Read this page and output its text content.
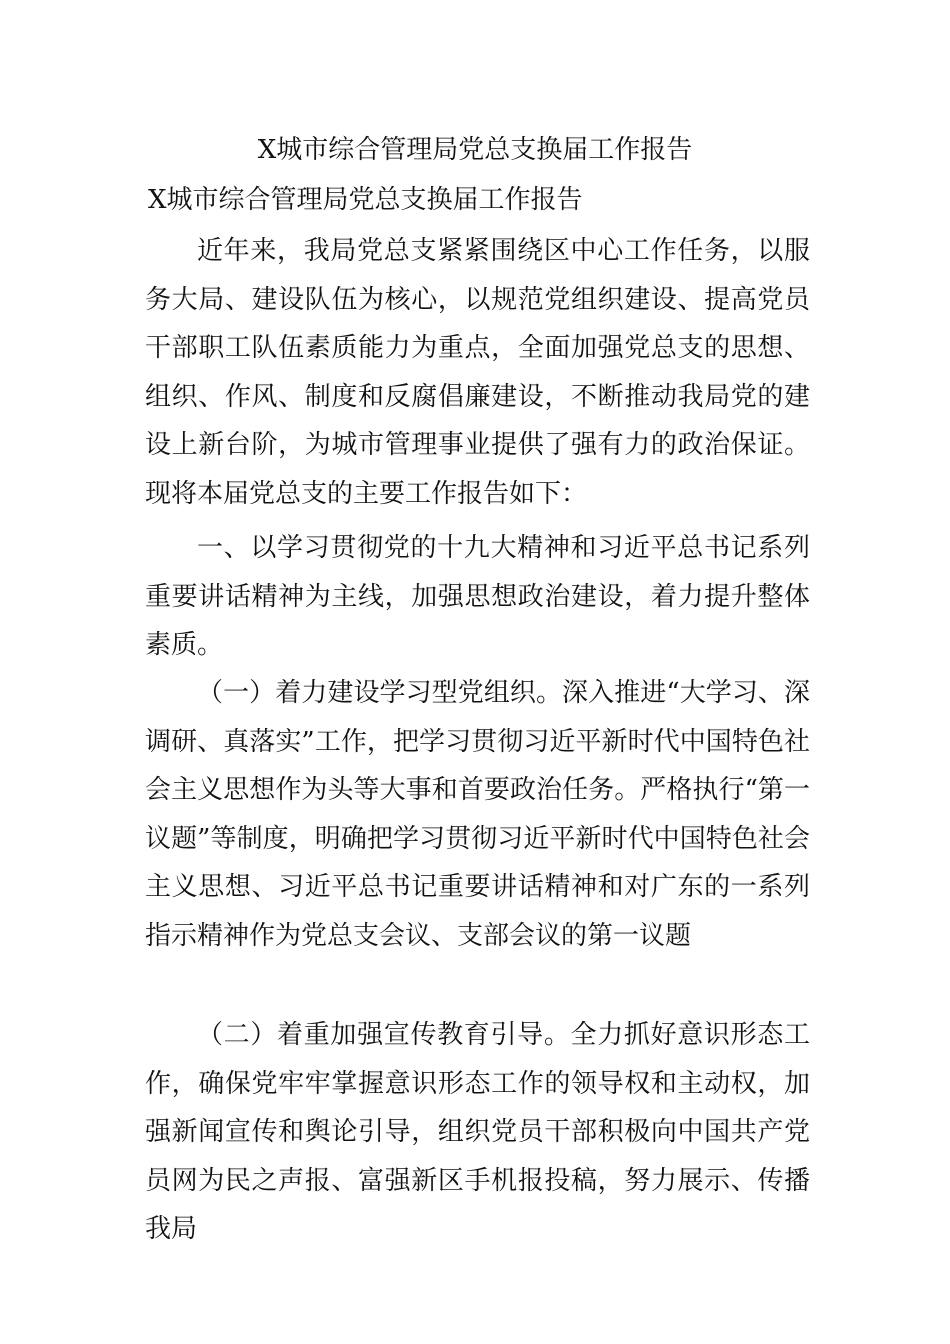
X城市综合管理局党总支换届工作报告
X城市综合管理局党总支换届工作报告

近年来，我局党总支紧紧围绕区中心工作任务，以服务大局、建设队伍为核心，以规范党组织建设、提高党员干部职工队伍素质能力为重点，全面加强党总支的思想、组织、作风、制度和反腐倡廉建设，不断推动我局党的建设上新台阶，为城市管理事业提供了强有力的政治保证。现将本届党总支的主要工作报告如下：

一、以学习贯彻党的十九大精神和习近平总书记系列重要讲话精神为主线，加强思想政治建设，着力提升整体素质。

（一）着力建设学习型党组织。深入推进“大学习、深调研、真落实”工作，把学习贯彻习近平新时代中国特色社会主义思想作为头等大事和首要政治任务。严格执行“第一议题”等制度，明确把学习贯彻习近平新时代中国特色社会主义思想、习近平总书记重要讲话精神和对广东的一系列指示精神作为党总支会议、支部会议的第一议题

（二）着重加强宣传教育引导。全力抓好意识形态工作，确保党牢牢掌握意识形态工作的领导权和主动权，加强新闻宣传和舆论引导，组织党员干部积极向中国共产党员网为民之声报、富强新区手机报投稿，努力展示、传播我局
